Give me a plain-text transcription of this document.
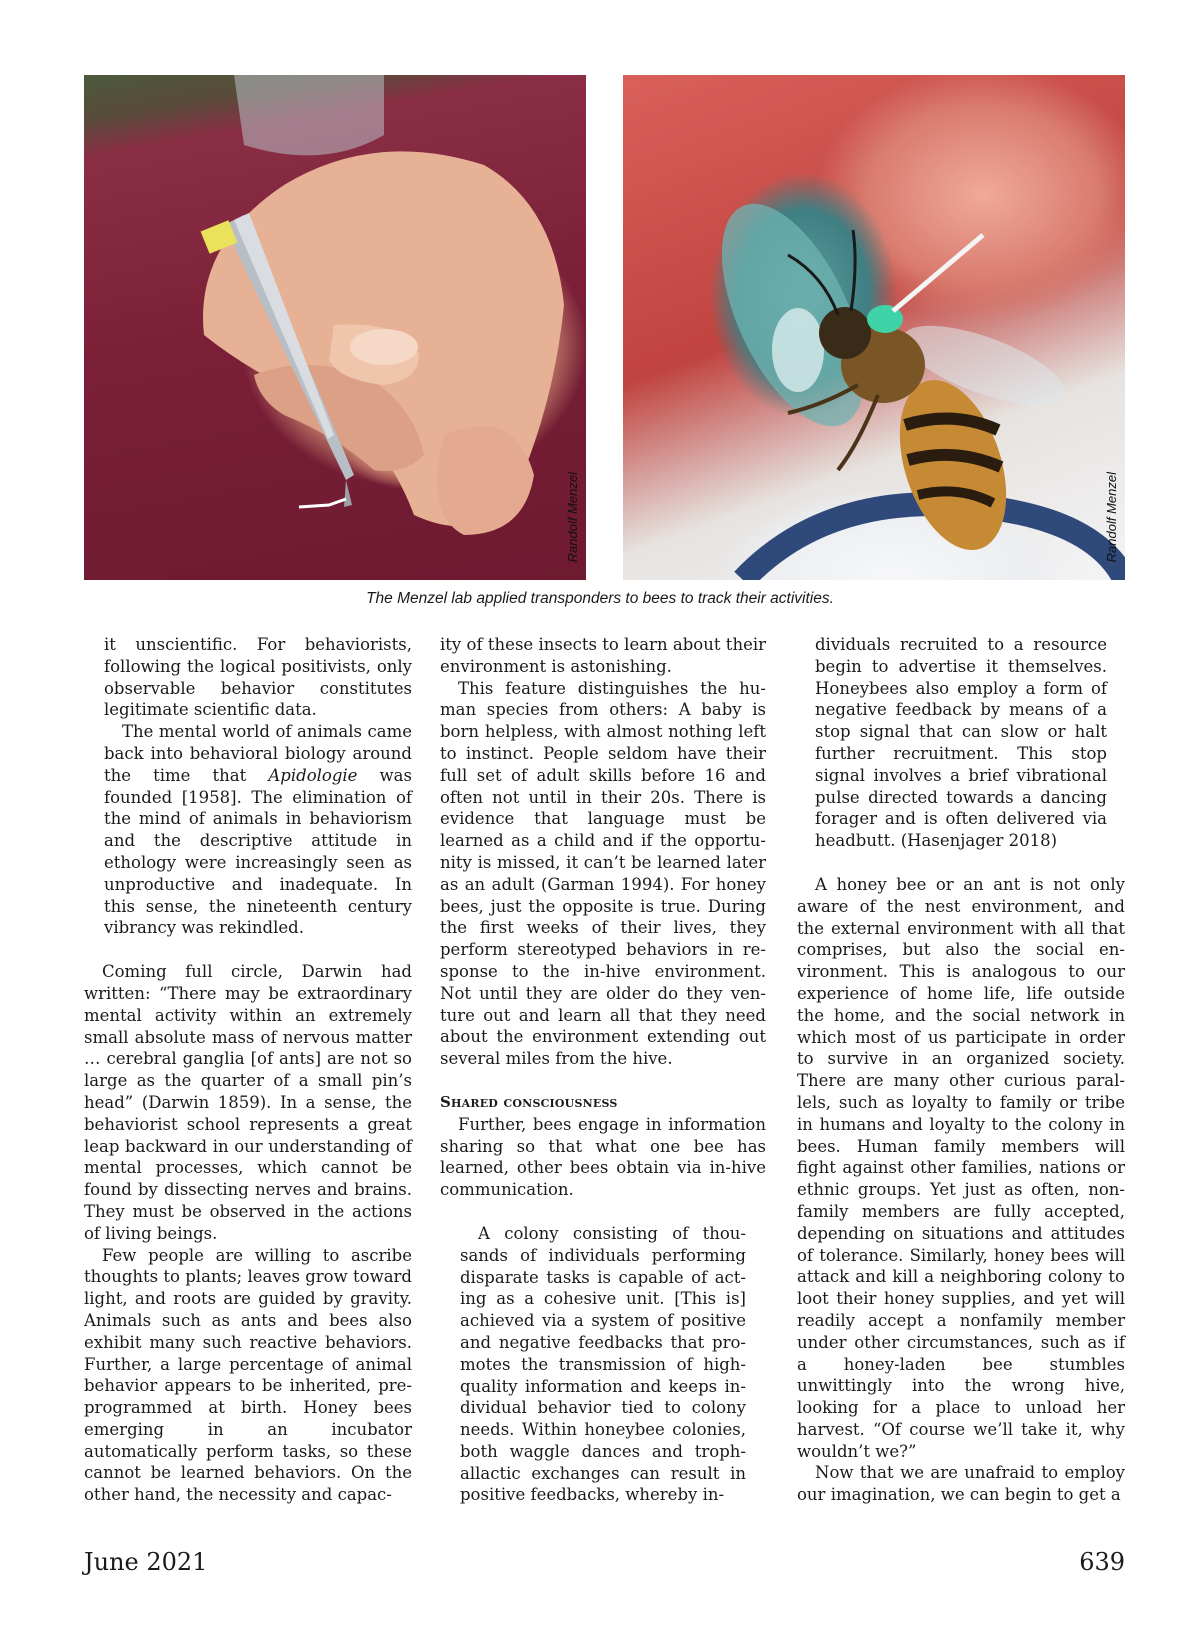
Randolf Menzel	Randolf Menzel
The Menzel lab applied transponders to bees to track their activities.

it unscientific. For behaviorists, following the logical positivists, only observable behavior constitutes legitimate scientific data.

The mental world of animals came back into behavioral biology around the time that Apidologie was founded [1958]. The elimination of the mind of animals in behaviorism and the descriptive attitude in ethology were increasingly seen as unproductive and inadequate. In this sense, the nineteenth century vibrancy was rekindled.

Coming full circle, Darwin had written: “There may be extraordinary mental activity within an extremely small absolute mass of nervous matter … cerebral ganglia [of ants] are not so large as the quarter of a small pin’s head” (Darwin 1859). In a sense, the behaviorist school represents a great leap backward in our understanding of mental processes, which cannot be found by dissecting nerves and brains. They must be observed in the actions of living beings.

Few people are willing to ascribe thoughts to plants; leaves grow toward light, and roots are guided by gravity. Animals such as ants and bees also exhibit many such reactive behaviors. Further, a large percentage of animal behavior appears to be inherited, pre-programmed at birth. Honey bees emerging in an incubator automatically perform tasks, so these cannot be learned behaviors. On the other hand, the necessity and capac-

ity of these insects to learn about their environment is astonishing.

This feature distinguishes the human species from others: A baby is born helpless, with almost nothing left to instinct. People seldom have their full set of adult skills before 16 and often not until in their 20s. There is evidence that language must be learned as a child and if the opportunity is missed, it can’t be learned later as an adult (Garman 1994). For honey bees, just the opposite is true. During the first weeks of their lives, they perform stereotyped behaviors in response to the in-hive environment. Not until they are older do they venture out and learn all that they need about the environment extending out several miles from the hive.

Shared consciousness

Further, bees engage in information sharing so that what one bee has learned, other bees obtain via in-hive communication.

A colony consisting of thousands of individuals performing disparate tasks is capable of acting as a cohesive unit. [This is] achieved via a system of positive and negative feedbacks that promotes the transmission of high-quality information and keeps individual behavior tied to colony needs. Within honeybee colonies, both waggle dances and trophallactic exchanges can result in positive feedbacks, whereby in-

dividuals recruited to a resource begin to advertise it themselves. Honeybees also employ a form of negative feedback by means of a stop signal that can slow or halt further recruitment. This stop signal involves a brief vibrational pulse directed towards a dancing forager and is often delivered via headbutt. (Hasenjager 2018)

A honey bee or an ant is not only aware of the nest environment, and the external environment with all that comprises, but also the social environment. This is analogous to our experience of home life, life outside the home, and the social network in which most of us participate in order to survive in an organized society. There are many other curious parallels, such as loyalty to family or tribe in humans and loyalty to the colony in bees. Human family members will fight against other families, nations or ethnic groups. Yet just as often, nonfamily members are fully accepted, depending on situations and attitudes of tolerance. Similarly, honey bees will attack and kill a neighboring colony to loot their honey supplies, and yet will readily accept a nonfamily member under other circumstances, such as if a honey-laden bee stumbles unwittingly into the wrong hive, looking for a place to unload her harvest. “Of course we’ll take it, why wouldn’t we?”

Now that we are unafraid to employ our imagination, we can begin to get a

June 2021	639
